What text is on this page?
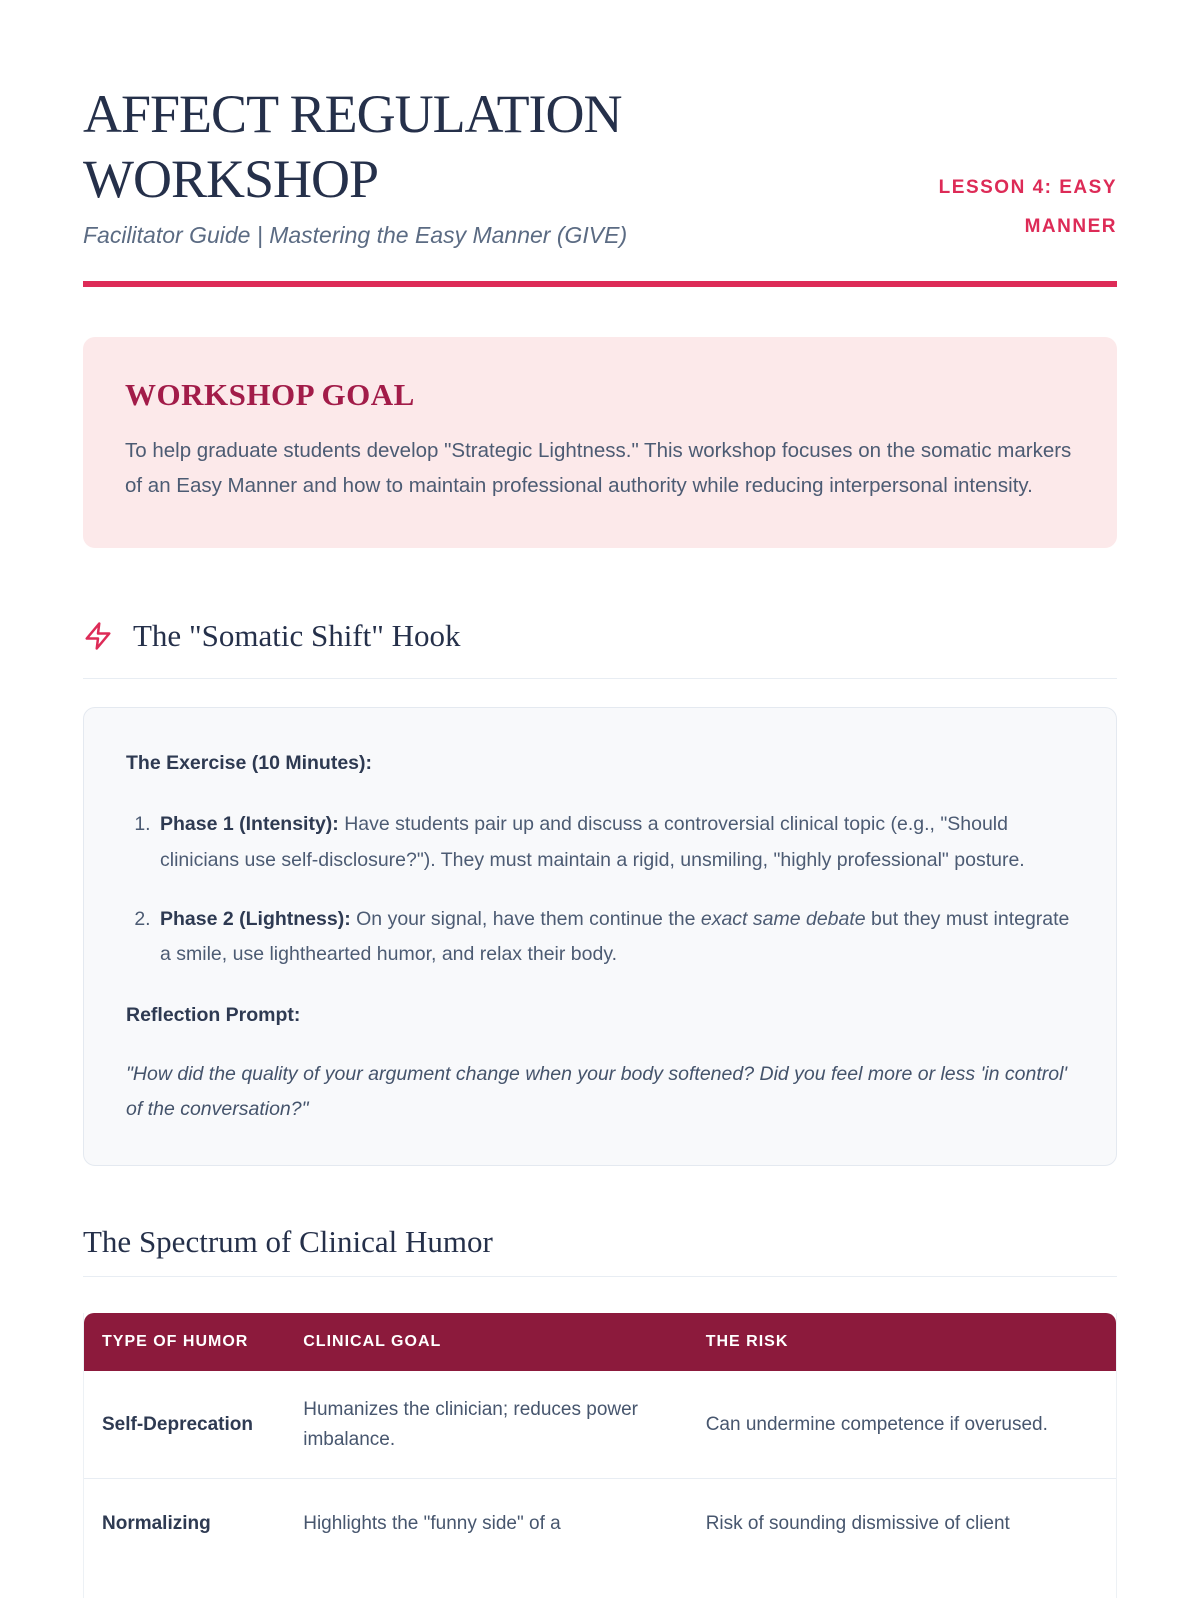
AFFECT REGULATION
WORKSHOP

Facilitator Guide | Mastering the Easy Manner (GIVE)

LESSON 4: EASY MANNER
WORKSHOP GOAL

To help graduate students develop "Strategic Lightness." This workshop focuses on the somatic markers of an Easy Manner and how to maintain professional authority while reducing interpersonal intensity.

The "Somatic Shift" Hook

The Exercise (10 Minutes):

1. Phase 1 (Intensity): Have students pair up and discuss a controversial clinical topic (e.g., "Should clinicians use self-disclosure?"). They must maintain a rigid, unsmiling, "highly professional" posture.
2. Phase 2 (Lightness): On your signal, have them continue the exact same debate but they must integrate a smile, use lighthearted humor, and relax their body.

Reflection Prompt:

"How did the quality of your argument change when your body softened? Did you feel more or less 'in control' of the conversation?"

The Spectrum of Clinical Humor
TYPE OF HUMOR	CLINICAL GOAL	THE RISK
Self-Deprecation	Humanizes the clinician; reduces power imbalance.	Can undermine competence if overused.
Normalizing	Highlights the "funny side" of a	Risk of sounding dismissive of client
